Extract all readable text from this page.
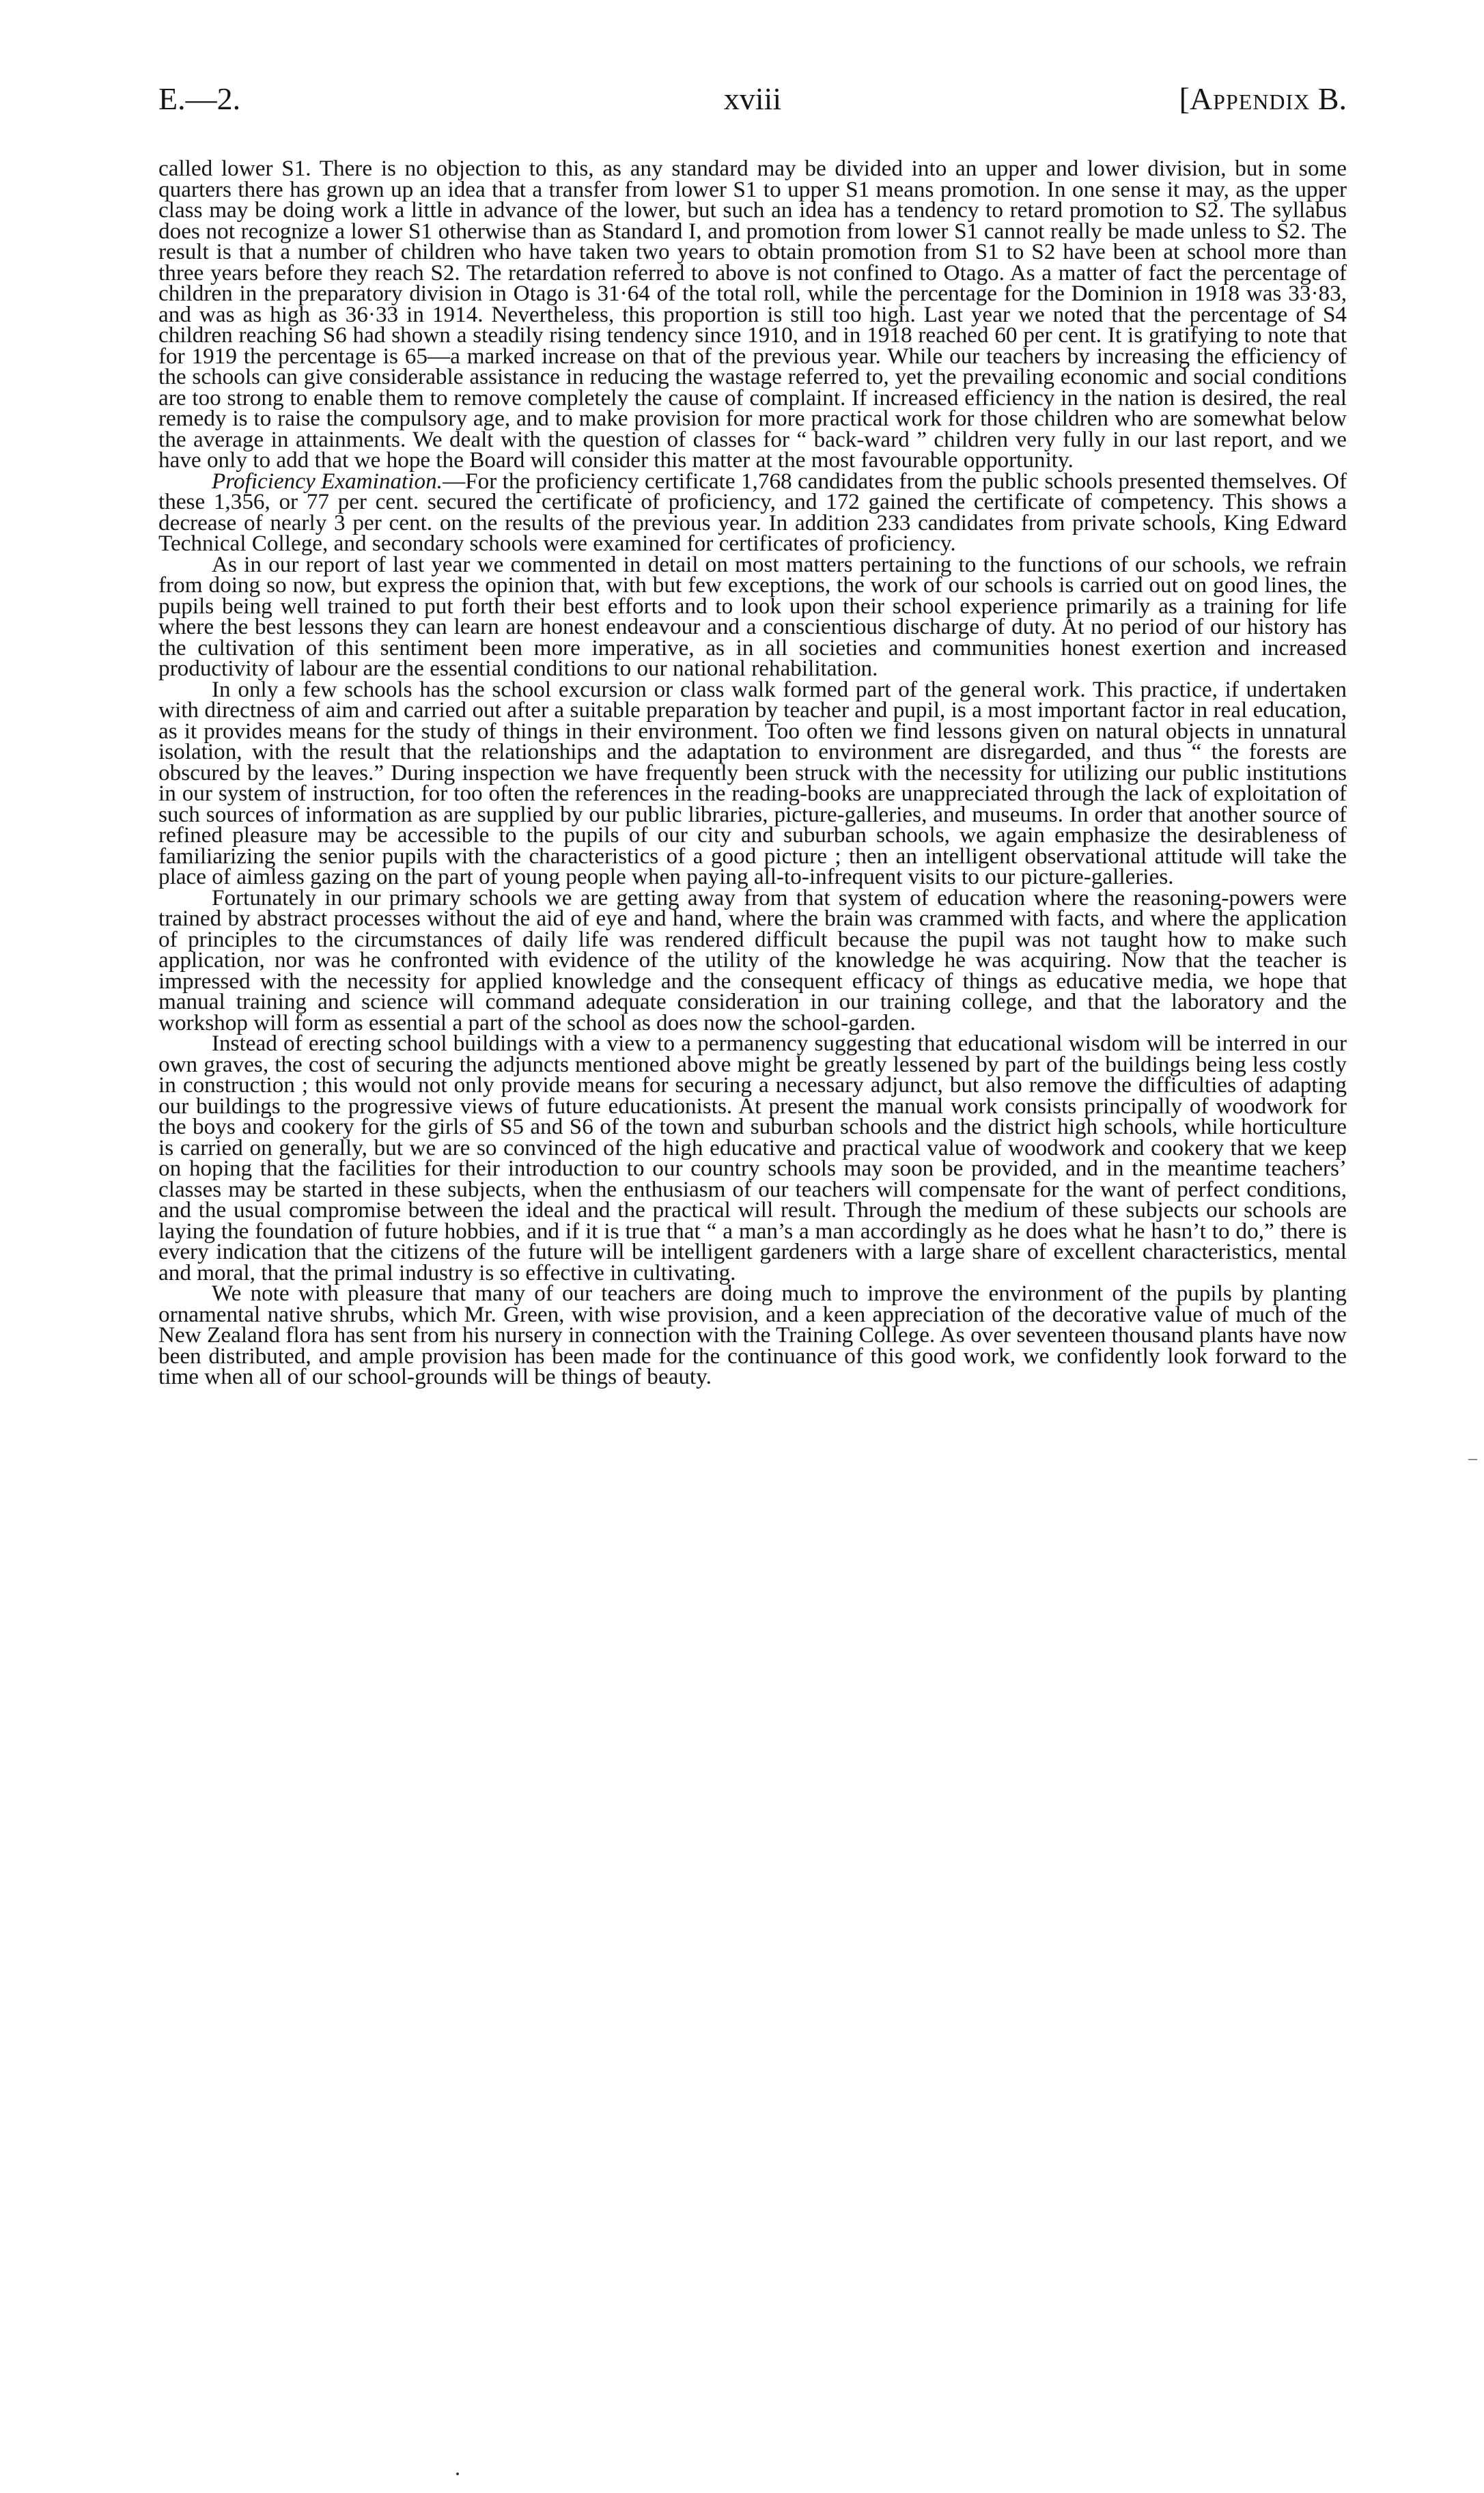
E.—2.	xviii	[Appendix B.

called lower S1. There is no objection to this, as any standard may be divided into an upper and lower division, but in some quarters there has grown up an idea that a transfer from lower S1 to upper S1 means promotion. In one sense it may, as the upper class may be doing work a little in advance of the lower, but such an idea has a tendency to retard promotion to S2. The syllabus does not recognize a lower S1 otherwise than as Standard I, and promotion from lower S1 cannot really be made unless to S2. The result is that a number of children who have taken two years to obtain promotion from S1 to S2 have been at school more than three years before they reach S2. The retardation referred to above is not confined to Otago. As a matter of fact the percentage of children in the preparatory division in Otago is 31·64 of the total roll, while the percentage for the Dominion in 1918 was 33·83, and was as high as 36·33 in 1914. Nevertheless, this proportion is still too high. Last year we noted that the percentage of S4 children reaching S6 had shown a steadily rising tendency since 1910, and in 1918 reached 60 per cent. It is gratifying to note that for 1919 the percentage is 65—a marked increase on that of the previous year. While our teachers by increasing the efficiency of the schools can give considerable assistance in reducing the wastage referred to, yet the prevailing economic and social conditions are too strong to enable them to remove completely the cause of complaint. If increased efficiency in the nation is desired, the real remedy is to raise the compulsory age, and to make provision for more practical work for those children who are somewhat below the average in attainments. We dealt with the question of classes for “ back-ward ” children very fully in our last report, and we have only to add that we hope the Board will consider this matter at the most favourable opportunity.

Proficiency Examination.—For the proficiency certificate 1,768 candidates from the public schools presented themselves. Of these 1,356, or 77 per cent. secured the certificate of proficiency, and 172 gained the certificate of competency. This shows a decrease of nearly 3 per cent. on the results of the previous year. In addition 233 candidates from private schools, King Edward Technical College, and secondary schools were examined for certificates of proficiency.

As in our report of last year we commented in detail on most matters pertaining to the functions of our schools, we refrain from doing so now, but express the opinion that, with but few exceptions, the work of our schools is carried out on good lines, the pupils being well trained to put forth their best efforts and to look upon their school experience primarily as a training for life where the best lessons they can learn are honest endeavour and a conscientious discharge of duty. At no period of our history has the cultivation of this sentiment been more imperative, as in all societies and communities honest exertion and increased productivity of labour are the essential conditions to our national rehabilitation.

In only a few schools has the school excursion or class walk formed part of the general work. This practice, if undertaken with directness of aim and carried out after a suitable preparation by teacher and pupil, is a most important factor in real education, as it provides means for the study of things in their environment. Too often we find lessons given on natural objects in unnatural isolation, with the result that the relationships and the adaptation to environment are disregarded, and thus “ the forests are obscured by the leaves.” During inspection we have frequently been struck with the necessity for utilizing our public institutions in our system of instruction, for too often the references in the reading-books are unappreciated through the lack of exploitation of such sources of information as are supplied by our public libraries, picture-galleries, and museums. In order that another source of refined pleasure may be accessible to the pupils of our city and suburban schools, we again emphasize the desirableness of familiarizing the senior pupils with the characteristics of a good picture ; then an intelligent observational attitude will take the place of aimless gazing on the part of young people when paying all-to-infrequent visits to our picture-galleries.

Fortunately in our primary schools we are getting away from that system of education where the reasoning-powers were trained by abstract processes without the aid of eye and hand, where the brain was crammed with facts, and where the application of principles to the circumstances of daily life was rendered difficult because the pupil was not taught how to make such application, nor was he confronted with evidence of the utility of the knowledge he was acquiring. Now that the teacher is impressed with the necessity for applied knowledge and the consequent efficacy of things as educative media, we hope that manual training and science will command adequate consideration in our training college, and that the laboratory and the workshop will form as essential a part of the school as does now the school-garden.

Instead of erecting school buildings with a view to a permanency suggesting that educational wisdom will be interred in our own graves, the cost of securing the adjuncts mentioned above might be greatly lessened by part of the buildings being less costly in construction ; this would not only provide means for securing a necessary adjunct, but also remove the difficulties of adapting our buildings to the progressive views of future educationists. At present the manual work consists principally of woodwork for the boys and cookery for the girls of S5 and S6 of the town and suburban schools and the district high schools, while horticulture is carried on generally, but we are so convinced of the high educative and practical value of woodwork and cookery that we keep on hoping that the facilities for their introduction to our country schools may soon be provided, and in the meantime teachers’ classes may be started in these subjects, when the enthusiasm of our teachers will compensate for the want of perfect conditions, and the usual compromise between the ideal and the practical will result. Through the medium of these subjects our schools are laying the foundation of future hobbies, and if it is true that “ a man’s a man accordingly as he does what he hasn’t to do,” there is every indication that the citizens of the future will be intelligent gardeners with a large share of excellent characteristics, mental and moral, that the primal industry is so effective in cultivating.

We note with pleasure that many of our teachers are doing much to improve the environment of the pupils by planting ornamental native shrubs, which Mr. Green, with wise provision, and a keen appreciation of the decorative value of much of the New Zealand flora has sent from his nursery in connection with the Training College. As over seventeen thousand plants have now been distributed, and ample provision has been made for the continuance of this good work, we confidently look forward to the time when all of our school-grounds will be things of beauty.

–
